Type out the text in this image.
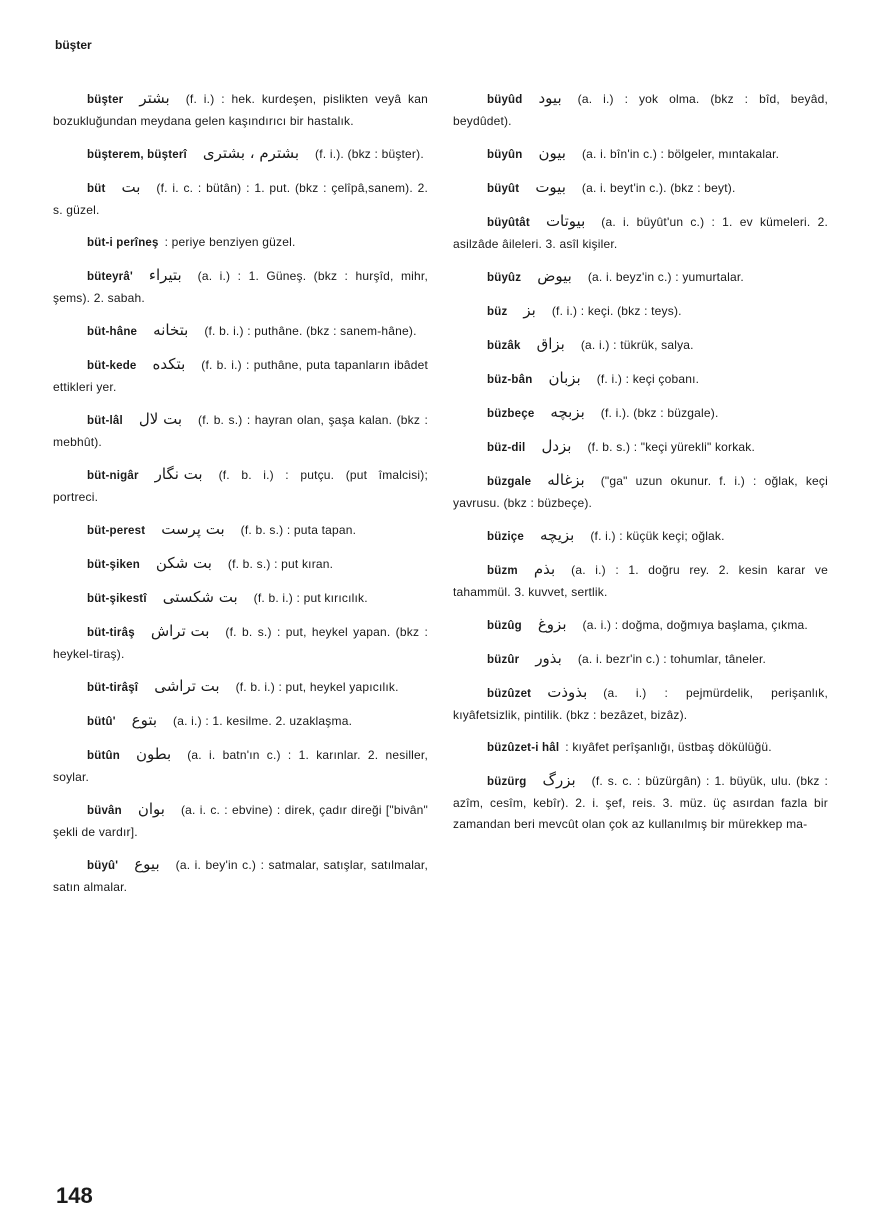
büşter
büşter بشتر (f. i.) : hek. kurdeşen, pislikten veyâ kan bozukluğundan meydana gelen kaşındırıcı bir hastalık.
büşterem, büşterî بشترم ، بشترى (f. i.). (bkz : büşter).
büt بت (f. i. c. : bütân) : 1. put. (bkz : çelîpâ,sanem). 2. s. güzel.
büt-i perîneş : periye benziyen güzel.
büteyrâ' بتيراء (a. i.) : 1. Güneş. (bkz : hurşîd, mihr, şems). 2. sabah.
büt-hâne بتخانه (f. b. i.) : puthâne. (bkz : sanem-hâne).
büt-kede بتكده (f. b. i.) : puthâne, puta tapanların ibâdet ettikleri yer.
büt-lâl بت لال (f. b. s.) : hayran olan, şaşa kalan. (bkz : mebhût).
büt-nigâr بت نگار (f. b. i.) : putçu. (put îmalcisi); portreci.
büt-perest بت پرست (f. b. s.) : puta tapan.
büt-şiken بت شكن (f. b. s.) : put kıran.
büt-şikestî بت شكستى (f. b. i.) : put kırıcılık.
büt-tirâş بت تراش (f. b. s.) : put, heykel yapan. (bkz : heykel-tiraş).
büt-tirâşî بت تراشى (f. b. i.) : put, heykel yapıcılık.
bütû' بتوع (a. i.) : 1. kesilme. 2. uzaklaşma.
bütûn بطون (a. i. batn'ın c.) : 1. karınlar. 2. nesiller, soylar.
büvân بوان (a. i. c. : ebvine) : direk, çadır direği ["bivân" şekli de vardır].
büyû' بيوع (a. i. bey'in c.) : satmalar, satışlar, satılmalar, satın almalar.
büyûd بيود (a. i.) : yok olma. (bkz : bîd, beyâd, beydûdet).
büyûn بيون (a. i. bîn'in c.) : bölgeler, mıntakalar.
büyût بيوت (a. i. beyt'in c.). (bkz : beyt).
büyûtât بيوتات (a. i. büyût'un c.) : 1. ev kümeleri. 2. asilzâde âileleri. 3. asîl kişiler.
büyûz بيوض (a. i. beyz'in c.) : yumurtalar.
büz بز (f. i.) : keçi. (bkz : teys).
büzâk بزاق (a. i.) : tükrük, salya.
büz-bân بزبان (f. i.) : keçi çobanı.
büzbeçe بزبچه (f. i.). (bkz : büzgale).
büz-dil بزدل (f. b. s.) : "keçi yürekli" korkak.
büzgale بزغاله ("ga" uzun okunur. f. i.) : oğlak, keçi yavrusu. (bkz : büzbeçe).
büziçe بزيچه (f. i.) : küçük keçi; oğlak.
büzm بذم (a. i.) : 1. doğru rey. 2. kesin karar ve tahammül. 3. kuvvet, sertlik.
büzûg بزوغ (a. i.) : doğma, doğmıya başlama, çıkma.
büzûr بذور (a. i. bezr'in c.) : tohumlar, tâneler.
büzûzet بذوذت (a. i.) : pejmürdelik, perişanlık, kıyâfetsizlik, pintilik. (bkz : bezâzet, bizâz).
büzûzet-i hâl : kıyâfet perîşanlığı, üstbaş dökülüğü.
büzürg بزرگ (f. s. c. : büzürgân) : 1. büyük, ulu. (bkz : azîm, cesîm, kebîr). 2. i. şef, reis. 3. müz. üç asırdan fazla bir zamandan beri mevcût olan çok az kullanılmış bir mürekkep ma-
148
